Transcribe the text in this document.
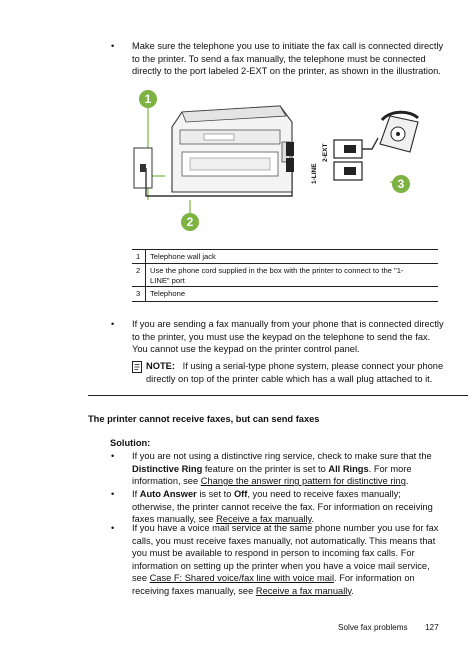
• Make sure the telephone you use to initiate the fax call is connected directly
to the printer. To send a fax manually, the telephone must be connected
directly to the port labeled 2-EXT on the printer, as shown in the illustration.
1-LINE
2-EXT
1
2
3
1 Telephone wall jack
2 Use the phone cord supplied in the box with the printer to connect to the "1-
LINE" port
3 Telephone
• If you are sending a fax manually from your phone that is connected directly
to the printer, you must use the keypad on the telephone to send the fax.
You cannot use the keypad on the printer control panel.
NOTE: If using a serial-type phone system, please connect your phone
directly on top of the printer cable which has a wall plug attached to it.
The printer cannot receive faxes, but can send faxes
Solution:
• If you are not using a distinctive ring service, check to make sure that the
Distinctive Ring feature on the printer is set to All Rings. For more
information, see Change the answer ring pattern for distinctive ring.
• If Auto Answer is set to Off, you need to receive faxes manually;
otherwise, the printer cannot receive the fax. For information on receiving
faxes manually, see Receive a fax manually.
• If you have a voice mail service at the same phone number you use for fax
calls, you must receive faxes manually, not automatically. This means that
you must be available to respond in person to incoming fax calls. For
information on setting up the printer when you have a voice mail service,
see Case F: Shared voice/fax line with voice mail. For information on
receiving faxes manually, see Receive a fax manually.
Solve fax problems 127
